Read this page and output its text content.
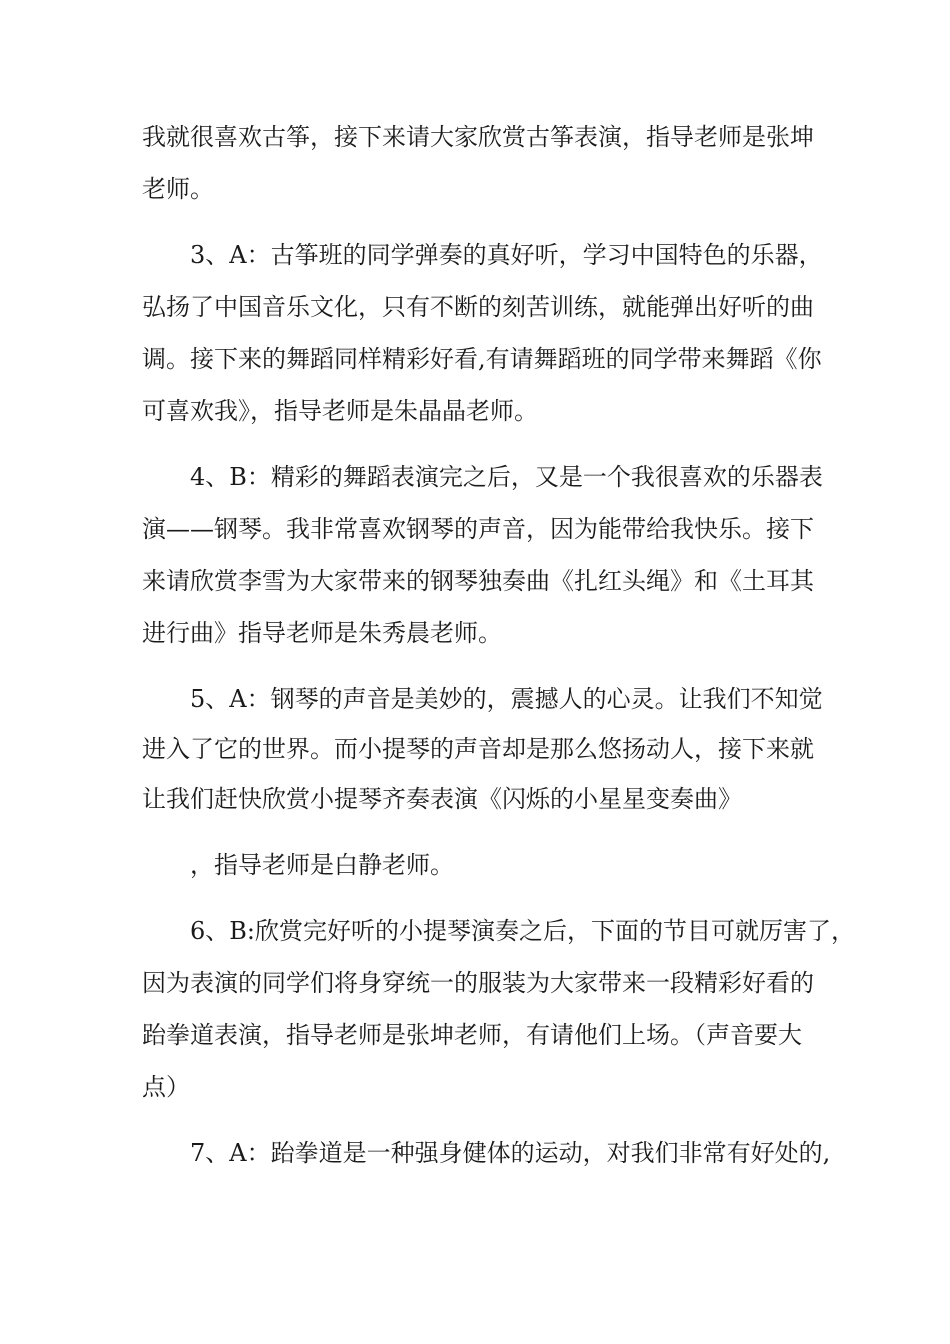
我就很喜欢古筝，接下来请大家欣赏古筝表演，指导老师是张坤
老师。
3、A：古筝班的同学弹奏的真好听，学习中国特色的乐器，
弘扬了中国音乐文化，只有不断的刻苦训练，就能弹出好听的曲
调。接下来的舞蹈同样精彩好看,有请舞蹈班的同学带来舞蹈《你
可喜欢我》，指导老师是朱晶晶老师。
4、B：精彩的舞蹈表演完之后，又是一个我很喜欢的乐器表
演——钢琴。我非常喜欢钢琴的声音，因为能带给我快乐。接下
来请欣赏李雪为大家带来的钢琴独奏曲《扎红头绳》和《土耳其
进行曲》指导老师是朱秀晨老师。
5、A：钢琴的声音是美妙的，震撼人的心灵。让我们不知觉
进入了它的世界。而小提琴的声音却是那么悠扬动人，接下来就
让我们赶快欣赏小提琴齐奏表演《闪烁的小星星变奏曲》
，指导老师是白静老师。
6、B:欣赏完好听的小提琴演奏之后，下面的节目可就厉害了，
因为表演的同学们将身穿统一的服装为大家带来一段精彩好看的
跆拳道表演，指导老师是张坤老师，有请他们上场。（声音要大
点）
7、A：跆拳道是一种强身健体的运动，对我们非常有好处的,
